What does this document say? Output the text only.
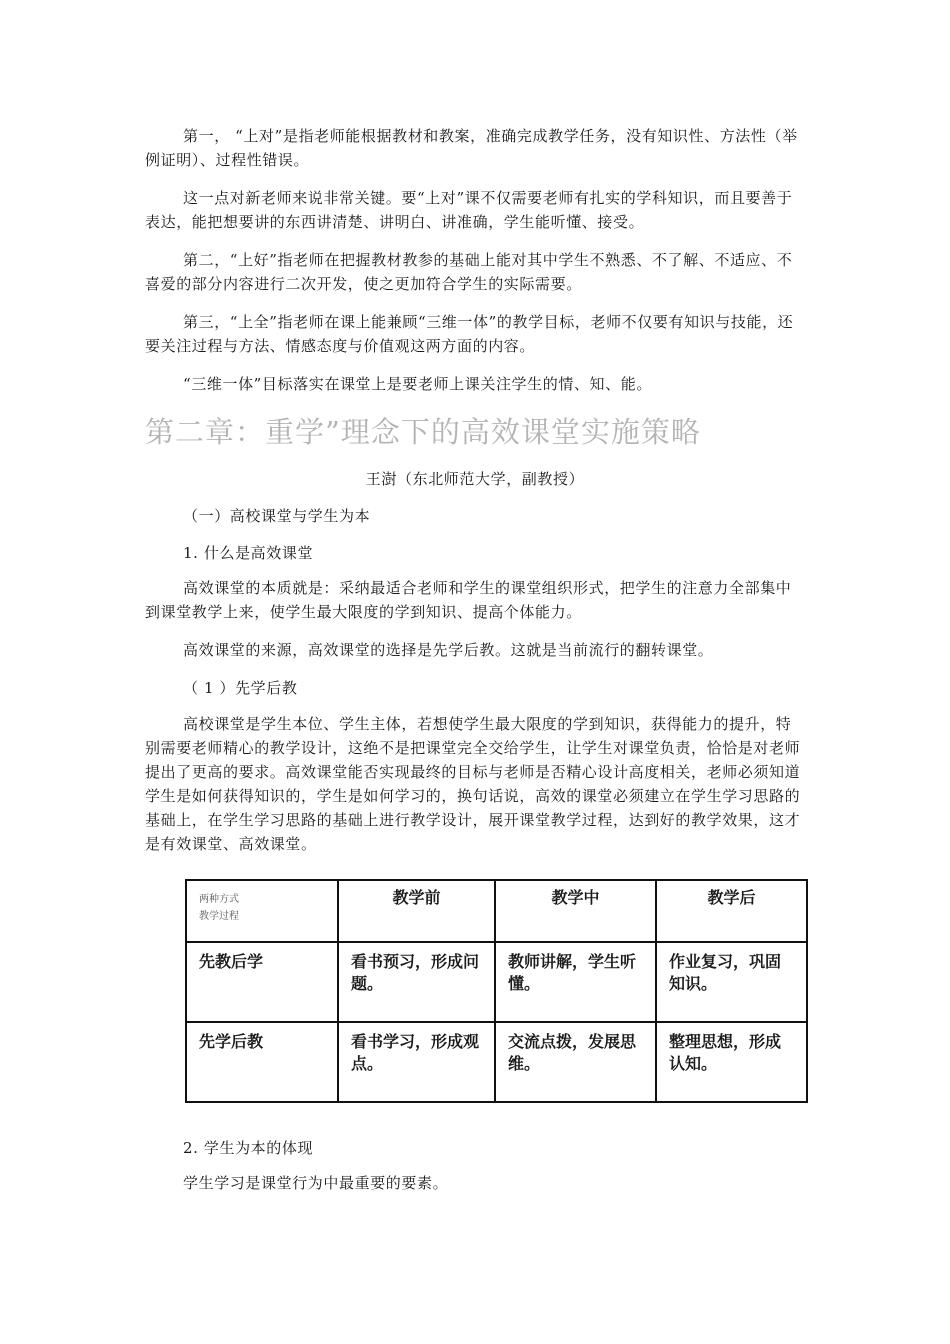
第一， “上对”是指老师能根据教材和教案，准确完成教学任务，没有知识性、方法性（举例证明）、过程性错误。

这一点对新老师来说非常关键。要“上对”课不仅需要老师有扎实的学科知识，而且要善于表达，能把想要讲的东西讲清楚、讲明白、讲准确，学生能听懂、接受。

第二，“上好”指老师在把握教材教参的基础上能对其中学生不熟悉、不了解、不适应、不喜爱的部分内容进行二次开发，使之更加符合学生的实际需要。

第三，“上全”指老师在课上能兼顾“三维一体”的教学目标，老师不仅要有知识与技能，还要关注过程与方法、情感态度与价值观这两方面的内容。

“三维一体”目标落实在课堂上是要老师上课关注学生的情、知、能。

第二章：重学”理念下的高效课堂实施策略
王澍（东北师范大学，副教授）

（一）高校课堂与学生为本

1. 什么是高效课堂

高效课堂的本质就是：采纳最适合老师和学生的课堂组织形式，把学生的注意力全部集中到课堂教学上来，使学生最大限度的学到知识、提高个体能力。

高效课堂的来源，高效课堂的选择是先学后教。这就是当前流行的翻转课堂。

（ 1 ）先学后教

高校课堂是学生本位、学生主体，若想使学生最大限度的学到知识，获得能力的提升，特别需要老师精心的教学设计，这绝不是把课堂完全交给学生，让学生对课堂负责，恰恰是对老师提出了更高的要求。高效课堂能否实现最终的目标与老师是否精心设计高度相关，老师必须知道学生是如何获得知识的，学生是如何学习的，换句话说，高效的课堂必须建立在学生学习思路的基础上，在学生学习思路的基础上进行教学设计，展开课堂教学过程，达到好的教学效果，这才是有效课堂、高效课堂。

两种方式
教学过程	教学前	教学中	教学后
先教后学	看书预习，形成问题。	教师讲解，学生听懂。	作业复习，巩固知识。
先学后教	看书学习，形成观点。	交流点拨，发展思维。	整理思想，形成认知。

2. 学生为本的体现

学生学习是课堂行为中最重要的要素。
